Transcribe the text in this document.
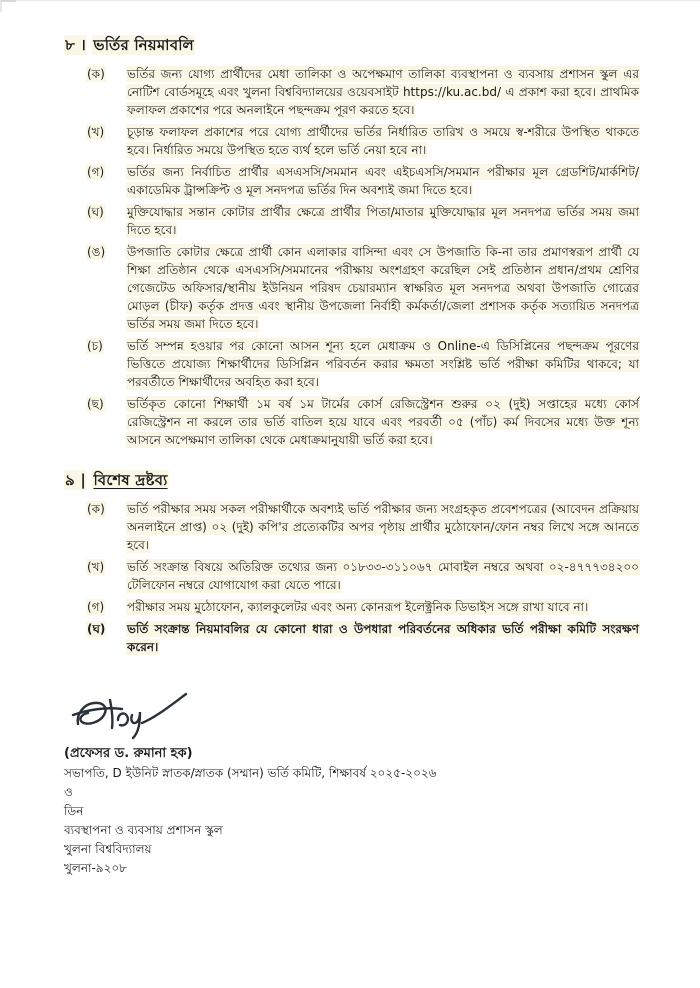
৮ । ভর্তির নিয়মাবলি
(ক)	ভর্তির জন্য যোগ্য প্রার্থীদের মেধা তালিকা ও অপেক্ষমাণ তালিকা ব্যবস্থাপনা ও ব্যবসায় প্রশাসন স্কুল এর নোটিশ বোর্ডসমূহে এবং খুলনা বিশ্ববিদ্যালয়ের ওয়েবসাইট https://ku.ac.bd/ এ প্রকাশ করা হবে। প্রাথমিক ফলাফল প্রকাশের পরে অনলাইনে পছন্দক্রম পূরণ করতে হবে।
(খ)	চূড়ান্ত ফলাফল প্রকাশের পরে যোগ্য প্রার্থীদের ভর্তির নির্ধারিত তারিখ ও সময়ে স্ব-শরীরে উপস্থিত থাকতে হবে। নির্ধারিত সময়ে উপস্থিত হতে ব্যর্থ হলে ভর্তি নেয়া হবে না।
(গ)	ভর্তির জন্য নির্বাচিত প্রার্থীর এসএসসি/সমমান এবং এইচএসসি/সমমান পরীক্ষার মূল গ্রেডশিট/মার্কশিট/একাডেমিক ট্রান্সক্রিপ্ট ও মূল সনদপত্র ভর্তির দিন অবশ্যই জমা দিতে হবে।
(ঘ)	মুক্তিযোদ্ধার সন্তান কোটার প্রার্থীর ক্ষেত্রে প্রার্থীর পিতা/মাতার মুক্তিযোদ্ধার মূল সনদপত্র ভর্তির সময় জমা দিতে হবে।
(ঙ)	উপজাতি কোটার ক্ষেত্রে প্রার্থী কোন এলাকার বাসিন্দা এবং সে উপজাতি কি-না তার প্রমাণস্বরূপ প্রার্থী যে শিক্ষা প্রতিষ্ঠান থেকে এসএসসি/সমমানের পরীক্ষায় অংশগ্রহণ করেছিল সেই প্রতিষ্ঠান প্রধান/প্রথম শ্রেণির গেজেটেড অফিসার/স্থানীয় ইউনিয়ন পরিষদ চেয়ারম্যান স্বাক্ষরিত মূল সনদপত্র অথবা উপজাতি গোত্রের মোড়ল (চীফ) কর্তৃক প্রদত্ত এবং স্থানীয় উপজেলা নির্বাহী কর্মকর্তা/জেলা প্রশাসক কর্তৃক সত্যায়িত সনদপত্র ভর্তির সময় জমা দিতে হবে।
(চ)	ভর্তি সম্পন্ন হওয়ার পর কোনো আসন শূন্য হলে মেধাক্রম ও Online-এ ডিসিপ্লিনের পছন্দক্রম পূরণের ভিত্তিতে প্রযোজ্য শিক্ষার্থীদের ডিসিপ্লিন পরিবর্তন করার ক্ষমতা সংশ্লিষ্ট ভর্তি পরীক্ষা কমিটির থাকবে; যা পরবর্তীতে শিক্ষার্থীদের অবহিত করা হবে।
(ছ)	ভর্তিকৃত কোনো শিক্ষার্থী ১ম বর্ষ ১ম টার্মের কোর্স রেজিস্ট্রেশন শুরুর ০২ (দুই) সপ্তাহের মধ্যে কোর্স রেজিস্ট্রেশন না করলে তার ভর্তি বাতিল হয়ে যাবে এবং পরবর্তী ০৫ (পাঁচ) কর্ম দিবসের মধ্যে উক্ত শূন্য আসনে অপেক্ষমাণ তালিকা থেকে মেধাক্রমানুযায়ী ভর্তি করা হবে।
৯ | বিশেষ দ্রষ্টব্য
(ক)	ভর্তি পরীক্ষার সময় সকল পরীক্ষার্থীকে অবশ্যই ভর্তি পরীক্ষার জন্য সংগ্রহকৃত প্রবেশপত্রের (আবেদন প্রক্রিয়ায় অনলাইনে প্রাপ্ত) ০২ (দুই) কপি'র প্রত্যেকটির অপর পৃষ্ঠায় প্রার্থীর মুঠোফোন/ফোন নম্বর লিখে সঙ্গে আনতে হবে।
(খ)	ভর্তি সংক্রান্ত বিষয়ে অতিরিক্ত তথ্যের জন্য ০১৮৩৩-৩১১০৬৭ মোবাইল নম্বরে অথবা ০২-৪৭৭৭৩৪২০০ টেলিফোন নম্বরে যোগাযোগ করা যেতে পারে।
(গ)	পরীক্ষার সময় মুঠোফোন, ক্যালকুলেটর এবং অন্য কোনরূপ ইলেক্ট্রনিক ডিভাইস সঙ্গে রাখা যাবে না।
(ঘ)	ভর্তি সংক্রান্ত নিয়মাবলির যে কোনো ধারা ও উপধারা পরিবর্তনের অধিকার ভর্তি পরীক্ষা কমিটি সংরক্ষণ করেন।
(প্রফেসর ড. রুমানা হক)
সভাপতি, D ইউনিট স্নাতক/স্নাতক (সম্মান) ভর্তি কমিটি, শিক্ষাবর্ষ ২০২৫-২০২৬
ও
ডিন
ব্যবস্থাপনা ও ব্যবসায় প্রশাসন স্কুল
খুলনা বিশ্ববিদ্যালয়
খুলনা-৯২০৮
